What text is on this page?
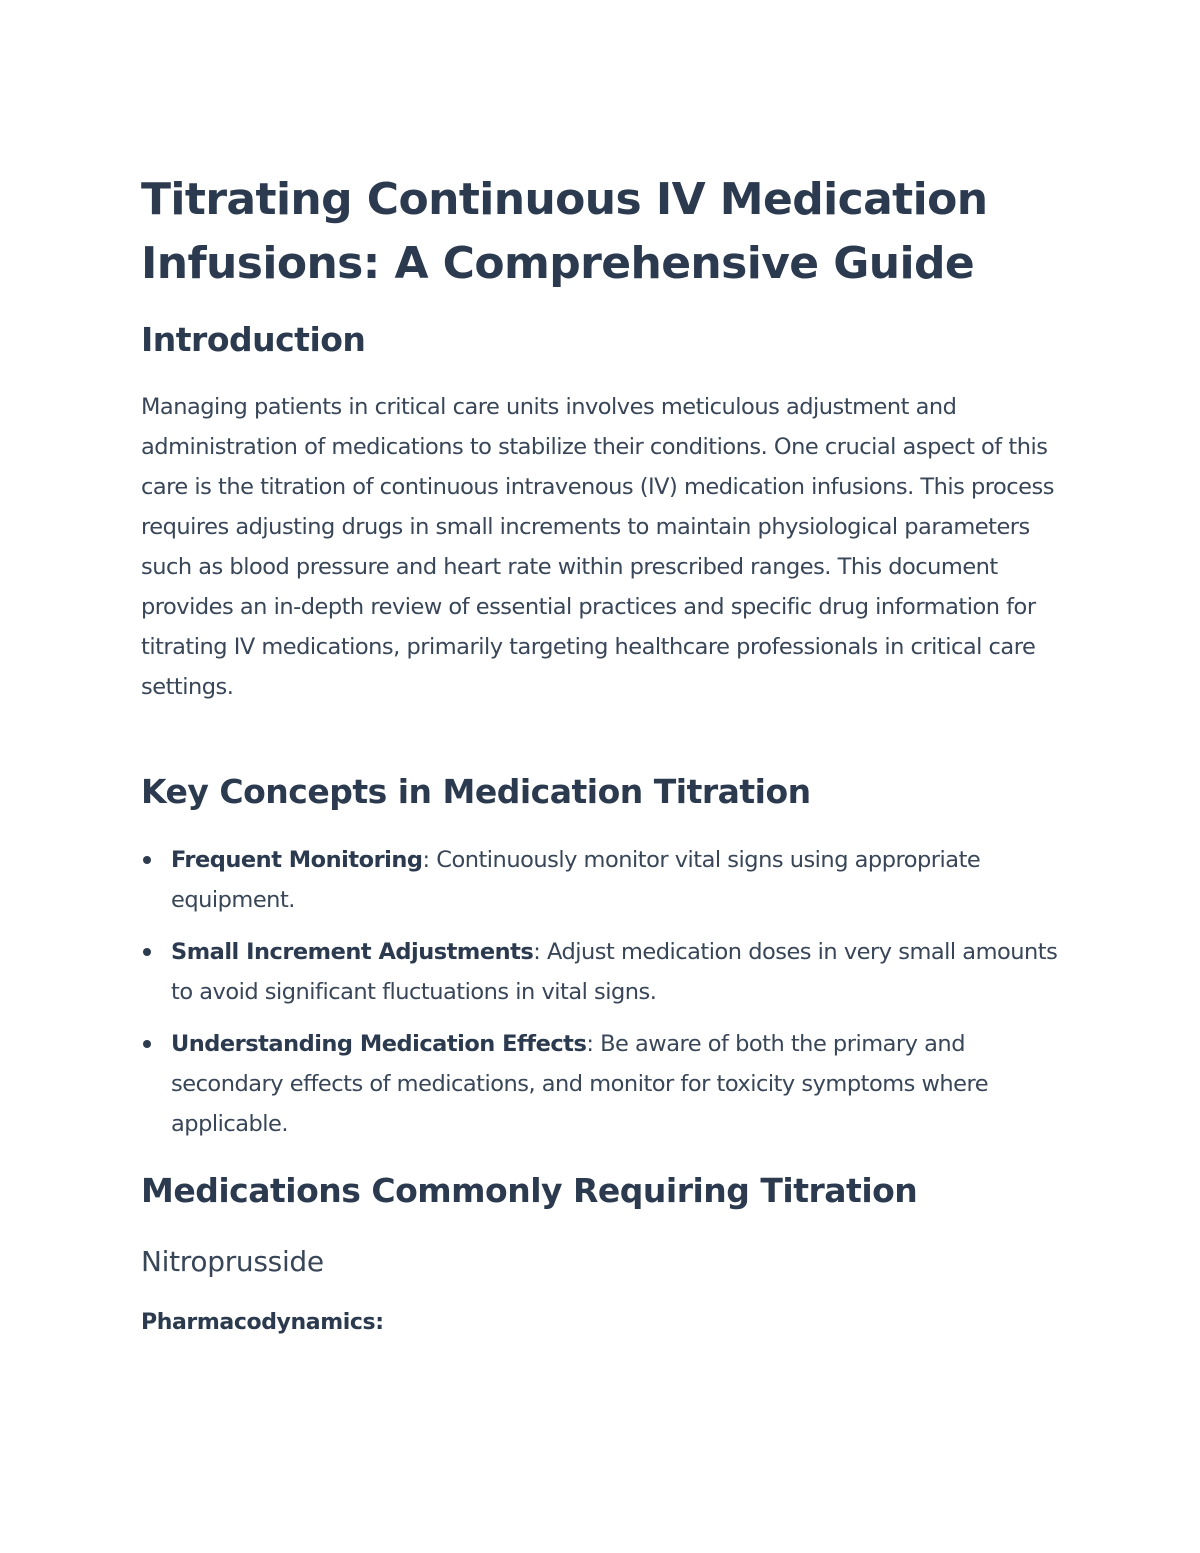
Titrating Continuous IV Medication Infusions: A Comprehensive Guide
Introduction

Managing patients in critical care units involves meticulous adjustment and administration of medications to stabilize their conditions. One crucial aspect of this care is the titration of continuous intravenous (IV) medication infusions. This process requires adjusting drugs in small increments to maintain physiological parameters such as blood pressure and heart rate within prescribed ranges. This document provides an in-depth review of essential practices and specific drug information for titrating IV medications, primarily targeting healthcare professionals in critical care settings.

Key Concepts in Medication Titration
Frequent Monitoring: Continuously monitor vital signs using appropriate equipment.
Small Increment Adjustments: Adjust medication doses in very small amounts to avoid significant fluctuations in vital signs.
Understanding Medication Effects: Be aware of both the primary and secondary effects of medications, and monitor for toxicity symptoms where applicable.
Medications Commonly Requiring Titration
Nitroprusside
Pharmacodynamics:
